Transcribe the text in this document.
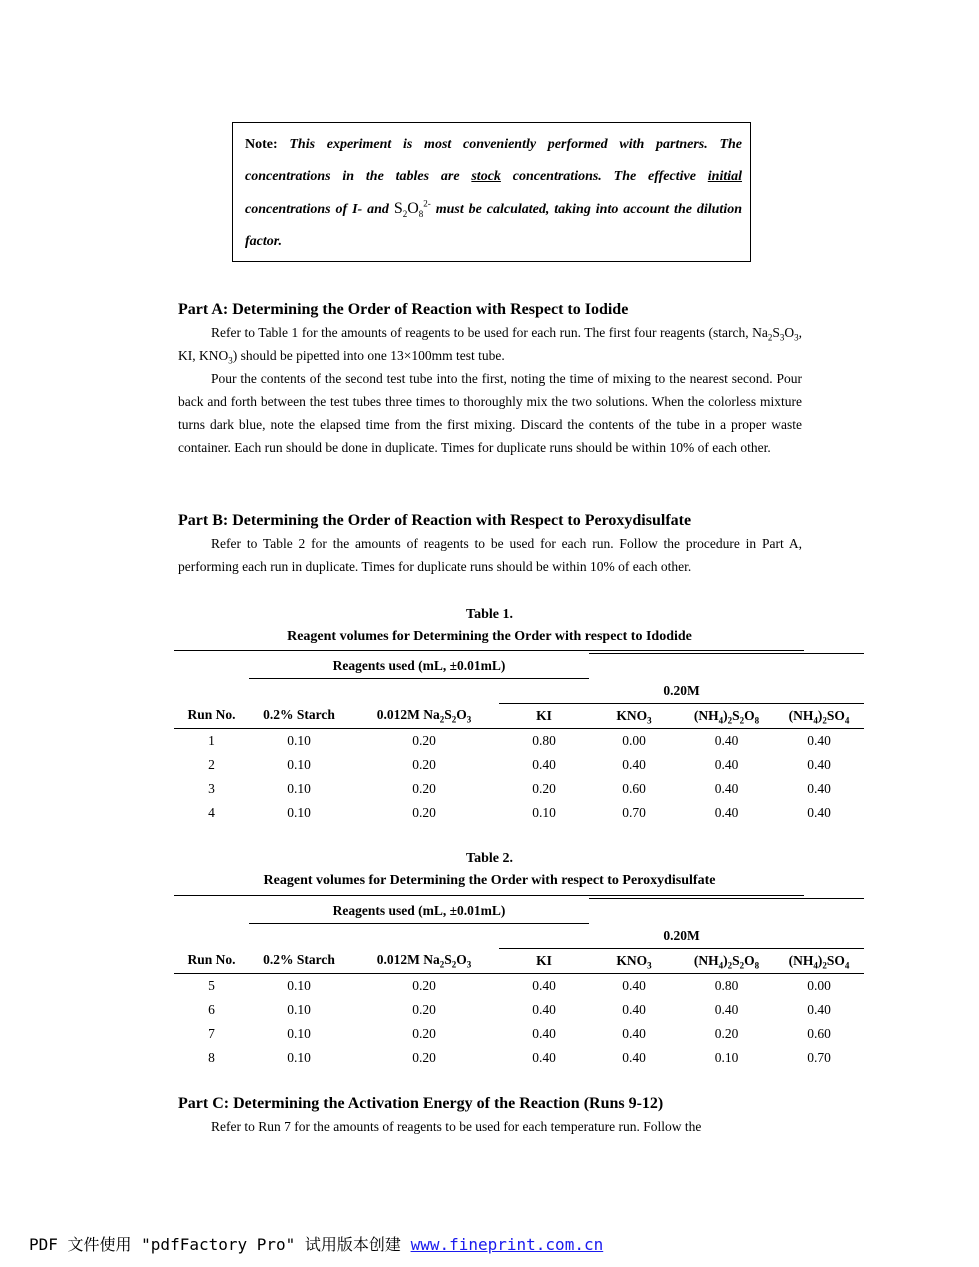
Note: This experiment is most conveniently performed with partners. The concentrations in the tables are stock concentrations. The effective initial concentrations of I- and $S_2O_8^{2-}$ must be calculated, taking into account the dilution factor.

Part A: Determining the Order of Reaction with Respect to Iodide

Refer to Table 1 for the amounts of reagents to be used for each run. The first four reagents (starch, $Na_2S_3O_3$, KI, $KNO_3$) should be pipetted into one 13×100mm test tube.

Pour the contents of the second test tube into the first, noting the time of mixing to the nearest second. Pour back and forth between the test tubes three times to thoroughly mix the two solutions. When the colorless mixture turns dark blue, note the elapsed time from the first mixing. Discard the contents of the tube in a proper waste container. Each run should be done in duplicate. Times for duplicate runs should be within 10% of each other.

Part B: Determining the Order of Reaction with Respect to Peroxydisulfate

Refer to Table 2 for the amounts of reagents to be used for each run. Follow the procedure in Part A, performing each run in duplicate. Times for duplicate runs should be within 10% of each other.

Table 1.
Reagent volumes for Determining the Order with respect to Idodide
	Reagents used (mL, ±0.01mL)					
			0.20M			
Run No.	0.2% Starch	0.012M $Na_2S_2O_3$	KI	$KNO_3$	$(NH_4)_2S_2O_8$	$(NH_4)_2SO_4$
1	0.10	0.20	0.80	0.00	0.40	0.40
2	0.10	0.20	0.40	0.40	0.40	0.40
3	0.10	0.20	0.20	0.60	0.40	0.40
4	0.10	0.20	0.10	0.70	0.40	0.40
Table 2.
Reagent volumes for Determining the Order with respect to Peroxydisulfate
	Reagents used (mL, ±0.01mL)					
			0.20M			
Run No.	0.2% Starch	0.012M $Na_2S_2O_3$	KI	$KNO_3$	$(NH_4)_2S_2O_8$	$(NH_4)_2SO_4$
5	0.10	0.20	0.40	0.40	0.80	0.00
6	0.10	0.20	0.40	0.40	0.40	0.40
7	0.10	0.20	0.40	0.40	0.20	0.60
8	0.10	0.20	0.40	0.40	0.10	0.70

Part C: Determining the Activation Energy of the Reaction (Runs 9-12)

Refer to Run 7 for the amounts of reagents to be used for each temperature run. Follow the

PDF 文件使用 "pdfFactory Pro" 试用版本创建 www.fineprint.com.cn
